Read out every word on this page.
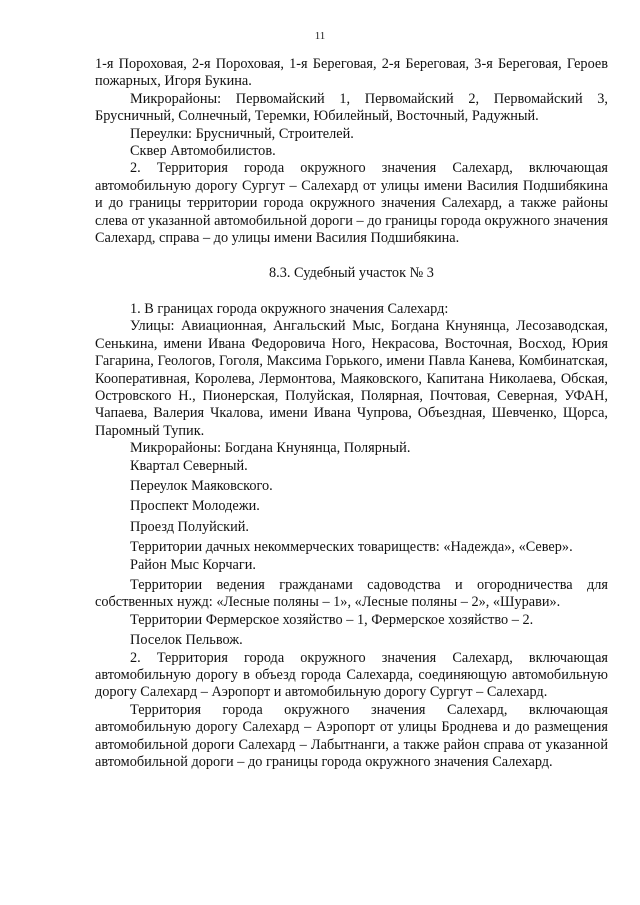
11

1-я Пороховая, 2-я Пороховая, 1-я Береговая, 2-я Береговая, 3-я Береговая, Героев пожарных, Игоря Букина.

Микрорайоны: Первомайский 1, Первомайский 2, Первомайский 3, Брусничный, Солнечный, Теремки, Юбилейный, Восточный, Радужный.

Переулки: Брусничный, Строителей.

Сквер Автомобилистов.

2. Территория города окружного значения Салехард, включающая автомобильную дорогу Сургут – Салехард от улицы имени Василия Подшибякина и до границы территории города окружного значения Салехард, а также районы слева от указанной автомобильной дороги – до границы города окружного значения Салехард, справа – до улицы имени Василия Подшибякина.

8.3. Судебный участок № 3

1. В границах города окружного значения Салехард:

Улицы: Авиационная, Ангальский Мыс, Богдана Кнунянца, Лесозаводская, Сенькина, имени Ивана Федоровича Ного, Некрасова, Восточная, Восход, Юрия Гагарина, Геологов, Гоголя, Максима Горького, имени Павла Канева, Комбинатская, Кооперативная, Королева, Лермонтова, Маяковского, Капитана Николаева, Обская, Островского Н., Пионерская, Полуйская, Полярная, Почтовая, Северная, УФАН, Чапаева, Валерия Чкалова, имени Ивана Чупрова, Объездная, Шевченко, Щорса, Паромный Тупик.

Микрорайоны: Богдана Кнунянца, Полярный.

Квартал Северный.

Переулок Маяковского.

Проспект Молодежи.

Проезд Полуйский.

Территории дачных некоммерческих товариществ: «Надежда», «Север».

Район Мыс Корчаги.

Территории ведения гражданами садоводства и огородничества для собственных нужд: «Лесные поляны – 1», «Лесные поляны – 2», «Шурави».

Территории Фермерское хозяйство – 1, Фермерское хозяйство – 2.

Поселок Пельвож.

2. Территория города окружного значения Салехард, включающая автомобильную дорогу в объезд города Салехарда, соединяющую автомобильную дорогу Салехард – Аэропорт и автомобильную дорогу Сургут – Салехард.

Территория города окружного значения Салехард, включающая автомобильную дорогу Салехард – Аэропорт от улицы Броднева и до размещения автомобильной дороги Салехард – Лабытнанги, а также район справа от указанной автомобильной дороги – до границы города окружного значения Салехард.
